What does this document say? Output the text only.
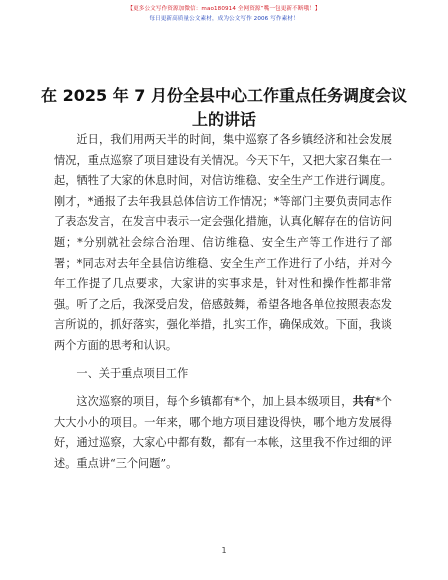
【更多公文写作资源加微信：mao180914 全网资源”嘴一包更新不断哦！】
每日更新高质量公文素材，成为公文写作 2006 写作素材！
在 2025 年 7 月份全县中心工作重点任务调度会议上的讲话

近日，我们用两天半的时间，集中巡察了各乡镇经济和社会发展情况，重点巡察了项目建设有关情况。今天下午，又把大家召集在一起，牺牲了大家的休息时间，对信访维稳、安全生产工作进行调度。刚才，*通报了去年我县总体信访工作情况；*等部门主要负责同志作了表态发言，在发言中表示一定会强化措施，认真化解存在的信访问题；*分别就社会综合治理、信访维稳、安全生产等工作进行了部署；*同志对去年全县信访维稳、安全生产工作进行了小结，并对今年工作提了几点要求，大家讲的实事求是，针对性和操作性都非常强。听了之后，我深受启发，倍感鼓舞，希望各地各单位按照表态发言所说的，抓好落实，强化举措，扎实工作，确保成效。下面，我谈两个方面的思考和认识。

一、关于重点项目工作

这次巡察的项目，每个乡镇都有*个，加上县本级项目，共有*个大大小小的项目。一年来，哪个地方项目建设得快，哪个地方发展得好，通过巡察，大家心中都有数，都有一本帐，这里我不作过细的评述。重点讲“三个问题”。

1
